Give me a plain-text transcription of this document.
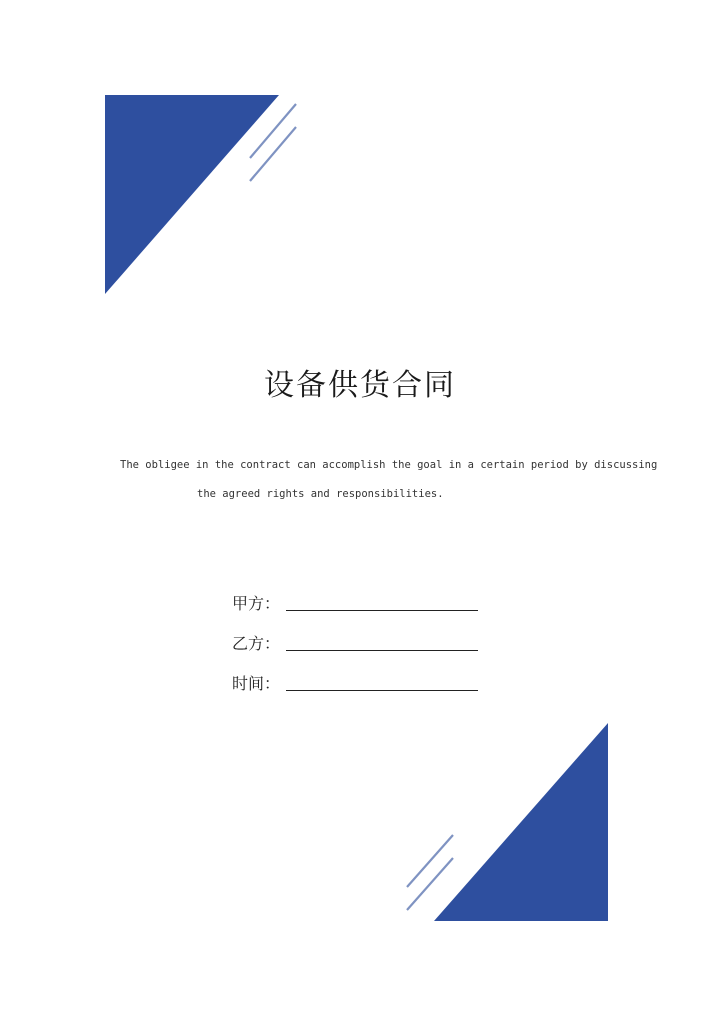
设备供货合同
The obligee in the contract can accomplish the goal in a certain period by discussing
the agreed rights and responsibilities.
甲方：
乙方：
时间：
